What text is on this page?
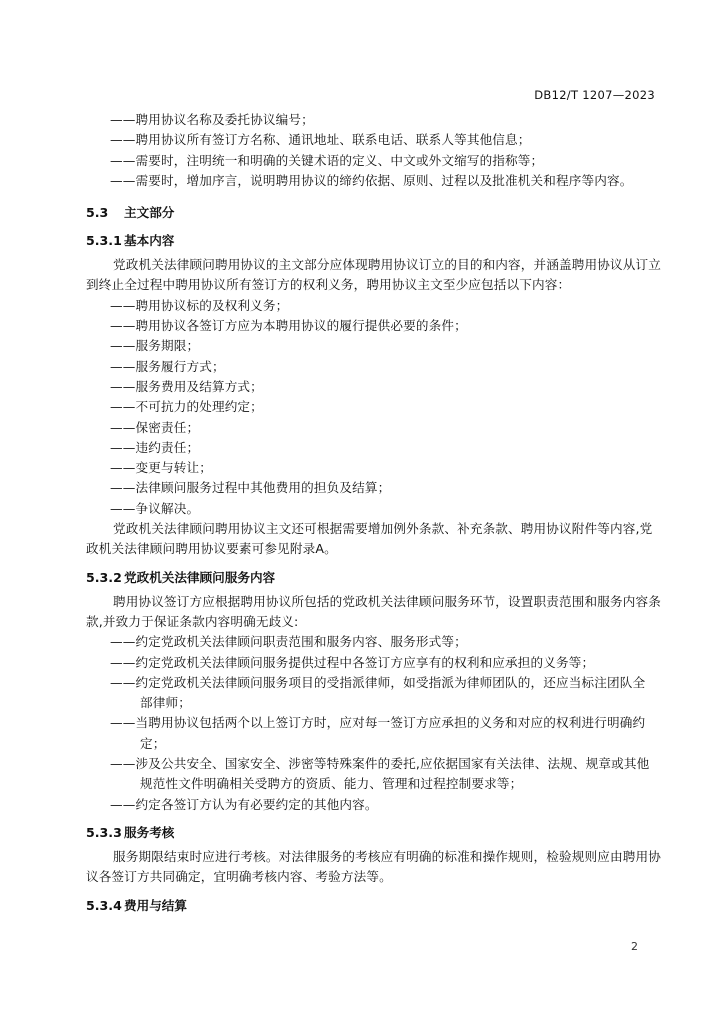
DB12/T 1207—2023
——聘用协议名称及委托协议编号；
——聘用协议所有签订方名称、通讯地址、联系电话、联系人等其他信息；
——需要时，注明统一和明确的关键术语的定义、中文或外文缩写的指称等；
——需要时，增加序言，说明聘用协议的缔约依据、原则、过程以及批准机关和程序等内容。
5.3 主文部分
5.3.1 基本内容
党政机关法律顾问聘用协议的主文部分应体现聘用协议订立的目的和内容，并涵盖聘用协议从订立
到终止全过程中聘用协议所有签订方的权利义务，聘用协议主文至少应包括以下内容：
——聘用协议标的及权利义务；
——聘用协议各签订方应为本聘用协议的履行提供必要的条件；
——服务期限；
——服务履行方式；
——服务费用及结算方式；
——不可抗力的处理约定；
——保密责任；
——违约责任；
——变更与转让；
——法律顾问服务过程中其他费用的担负及结算；
——争议解决。
党政机关法律顾问聘用协议主文还可根据需要增加例外条款、补充条款、聘用协议附件等内容,党
政机关法律顾问聘用协议要素可参见附录A。
5.3.2 党政机关法律顾问服务内容
聘用协议签订方应根据聘用协议所包括的党政机关法律顾问服务环节，设置职责范围和服务内容条
款,并致力于保证条款内容明确无歧义:
——约定党政机关法律顾问职责范围和服务内容、服务形式等；
——约定党政机关法律顾问服务提供过程中各签订方应享有的权利和应承担的义务等；
——约定党政机关法律顾问服务项目的受指派律师，如受指派为律师团队的，还应当标注团队全
部律师；
——当聘用协议包括两个以上签订方时，应对每一签订方应承担的义务和对应的权利进行明确约
定；
——涉及公共安全、国家安全、涉密等特殊案件的委托,应依据国家有关法律、法规、规章或其他
规范性文件明确相关受聘方的资质、能力、管理和过程控制要求等；
——约定各签订方认为有必要约定的其他内容。
5.3.3 服务考核
服务期限结束时应进行考核。对法律服务的考核应有明确的标准和操作规则，检验规则应由聘用协
议各签订方共同确定，宜明确考核内容、考验方法等。
5.3.4 费用与结算
2
